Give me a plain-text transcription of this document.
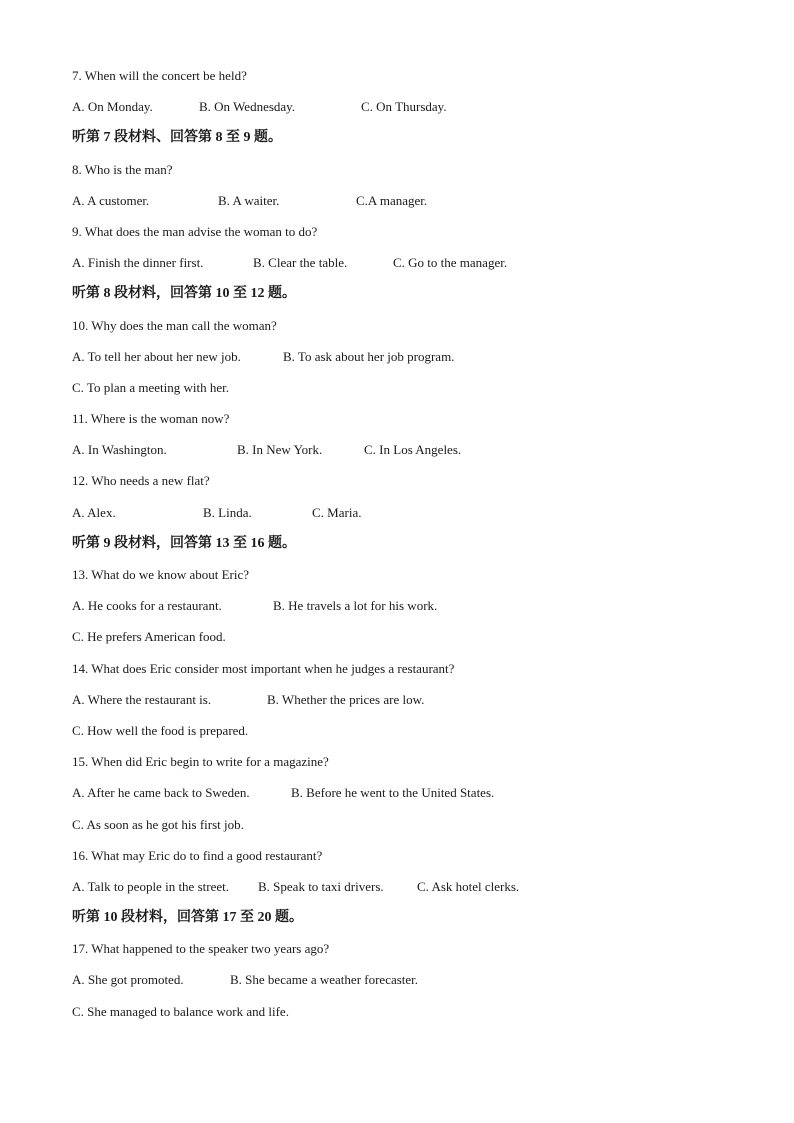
7. When will the concert be held?
A. On Monday.	B. On Wednesday.	C. On Thursday.
听第 7 段材料、回答第 8 至 9 题。
8. Who is the man?
A. A customer.	B. A waiter.	C.A manager.
9. What does the man advise the woman to do?
A. Finish the dinner first.	B. Clear the table.	C. Go to the manager.
听第 8 段材料，回答第 10 至 12 题。
10. Why does the man call the woman?
A. To tell her about her new job.	B. To ask about her job program.
C. To plan a meeting with her.
11. Where is the woman now?
A. In Washington.	B. In New York.	C. In Los Angeles.
12. Who needs a new flat?
A. Alex.	B. Linda.	C. Maria.
听第 9 段材料，回答第 13 至 16 题。
13. What do we know about Eric?
A. He cooks for a restaurant.	B. He travels a lot for his work.
C. He prefers American food.
14. What does Eric consider most important when he judges a restaurant?
A. Where the restaurant is.	B. Whether the prices are low.
C. How well the food is prepared.
15. When did Eric begin to write for a magazine?
A. After he came back to Sweden.	B. Before he went to the United States.
C. As soon as he got his first job.
16. What may Eric do to find a good restaurant?
A. Talk to people in the street. B. Speak to taxi drivers.	C. Ask hotel clerks.
听第 10 段材料，回答第 17 至 20 题。
17. What happened to the speaker two years ago?
A. She got promoted.	B. She became a weather forecaster.
C. She managed to balance work and life.
